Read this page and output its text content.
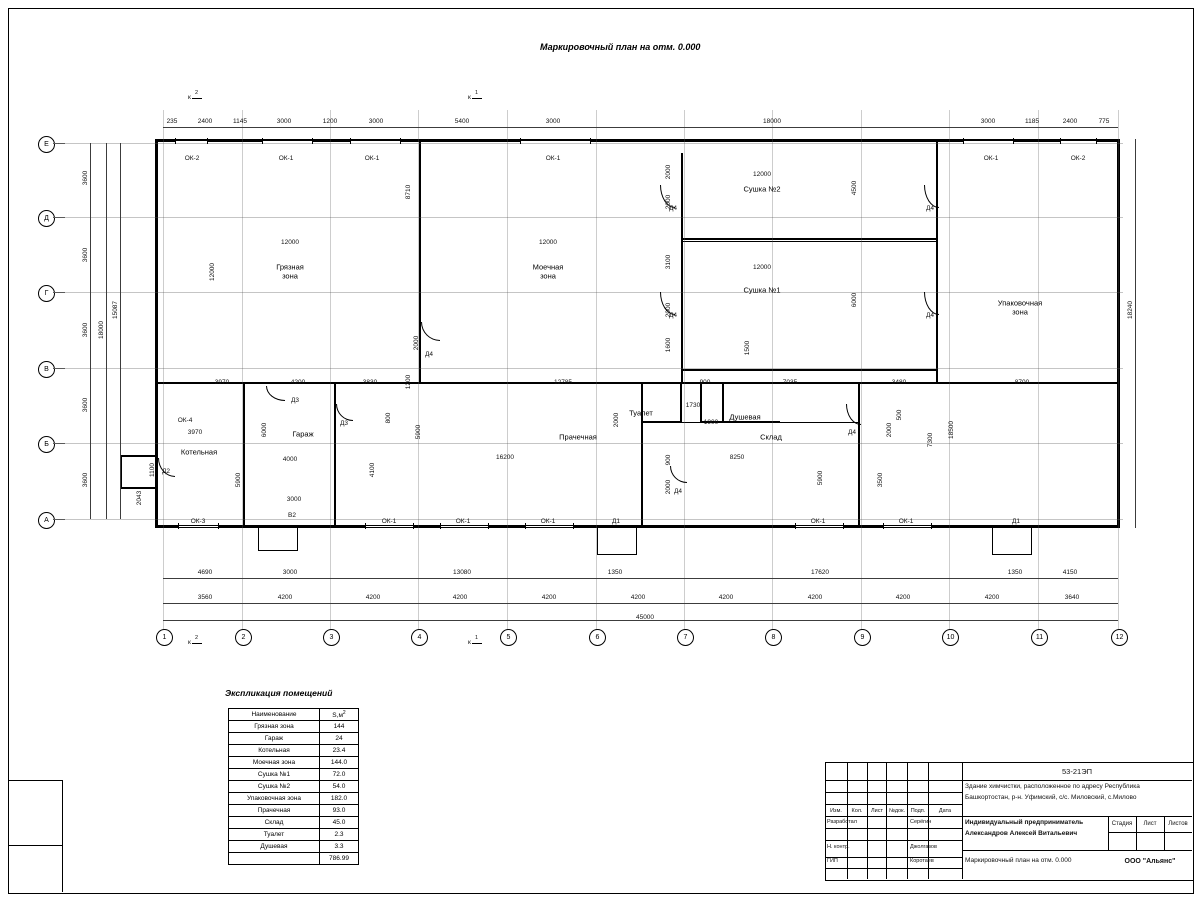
Маркировочный план на отм. 0.000
Грязная
зона
Моечная
зона
Сушка №2
Сушка №1
Упаковочная
зона
Котельная
Гараж	Прачечная
Туалет	Душевая
Склад
ОК-2	ОК-1	ОК-1	ОК-1	ОК-1	ОК-2
Д4	Д4
Д4	Д4
Д4
Д3
Д3
ОК-4
Д2
Д4
Д4
ОК-3
В2
ОК-1	ОК-1	ОК-1	Д1	ОК-1	ОК-1	Д1
2400	1145	3000	1200	3000	5400	3000	18000	3000	1185	2400	775
235
4690	3000	13080	1350	17620	1350	4150
3560	4200	4200	4200	4200	4200	4200	4200	4200	4200	3640
45000
12000	12000
12000
12000
3970	4200	3830	12785	7035	3480	8700
900
3970
4000	16200	8250
3000
1730
1900
3600
3600
3600
3600
3600
18000
15087
12000
8710
2000
1200
5900
4100
800
6000
5900
2043
1100
2000
2000
3100
2000
1600	1500
4500
6000
2000
900
2000
5900	3500
500
2000
7300
18500
18240
Е
Д
Г
В
Б
А
1	2	3	4	5	6	7	8	9	10	11	12
к
2
к
1
к
2
к
1
Экспликация помещений
Наименование	$S,м^2$
Грязная зона	144
Гараж	24
Котельная	23.4
Моечная зона	144.0
Сушка №1	72.0
Сушка №2	54.0
Упаковочная зона	182.0
Прачечная	93.0
Склад	45.0
Туалет	2.3
Душевая	3.3
	786.99
53-21ЭП
Здание химчистки, расположенное по адресу Республика
Башкортостан, р-н. Уфимский, с/с. Миловский, с.Милово
Индивидуальный предприниматель
Александров Алексей Витальевич
Маркировочный план на отм. 0.000	ООО "Альянс"
Стадия Лист Листов
Изм. Кол. Лист №док. Подп. Дата
Разработал	Серёгин
Н. контр.	Джолгазов
ГИП	Коротаев
